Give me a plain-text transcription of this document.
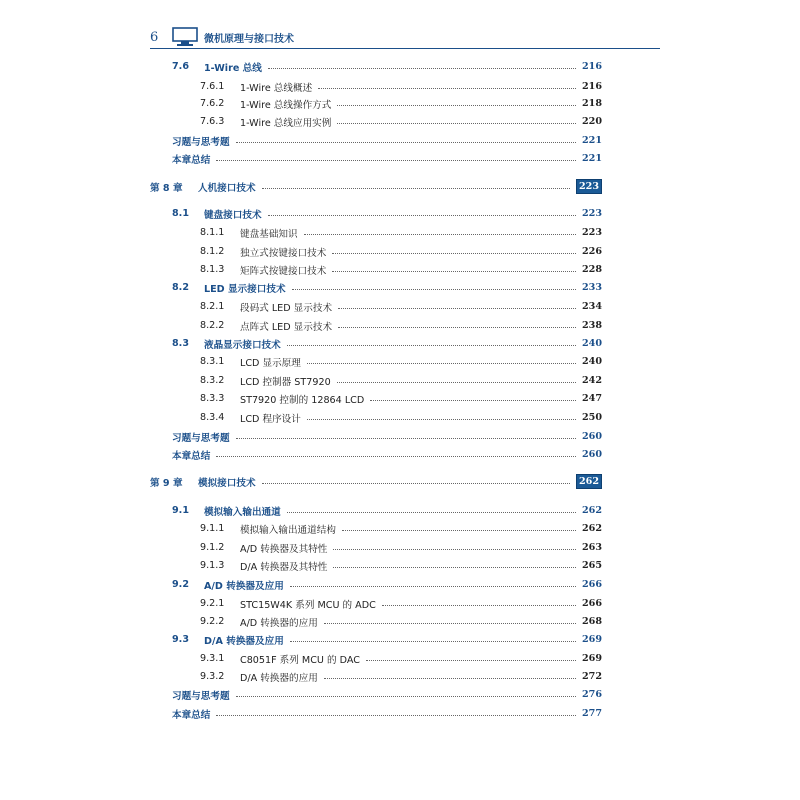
6	微机原理与接口技术
7.6	1-Wire 总线	216
7.6.1	1-Wire 总线概述	216
7.6.2	1-Wire 总线操作方式	218
7.6.3	1-Wire 总线应用实例	220
习题与思考题	221
本章总结	221
第 8 章	人机接口技术	223
8.1	键盘接口技术	223
8.1.1	键盘基础知识	223
8.1.2	独立式按键接口技术	226
8.1.3	矩阵式按键接口技术	228
8.2	LED 显示接口技术	233
8.2.1	段码式 LED 显示技术	234
8.2.2	点阵式 LED 显示技术	238
8.3	液晶显示接口技术	240
8.3.1	LCD 显示原理	240
8.3.2	LCD 控制器 ST7920	242
8.3.3	ST7920 控制的 12864 LCD	247
8.3.4	LCD 程序设计	250
习题与思考题	260
本章总结	260
第 9 章	模拟接口技术	262
9.1	模拟输入输出通道	262
9.1.1	模拟输入输出通道结构	262
9.1.2	A/D 转换器及其特性	263
9.1.3	D/A 转换器及其特性	265
9.2	A/D 转换器及应用	266
9.2.1	STC15W4K 系列 MCU 的 ADC	266
9.2.2	A/D 转换器的应用	268
9.3	D/A 转换器及应用	269
9.3.1	C8051F 系列 MCU 的 DAC	269
9.3.2	D/A 转换器的应用	272
习题与思考题	276
本章总结	277
